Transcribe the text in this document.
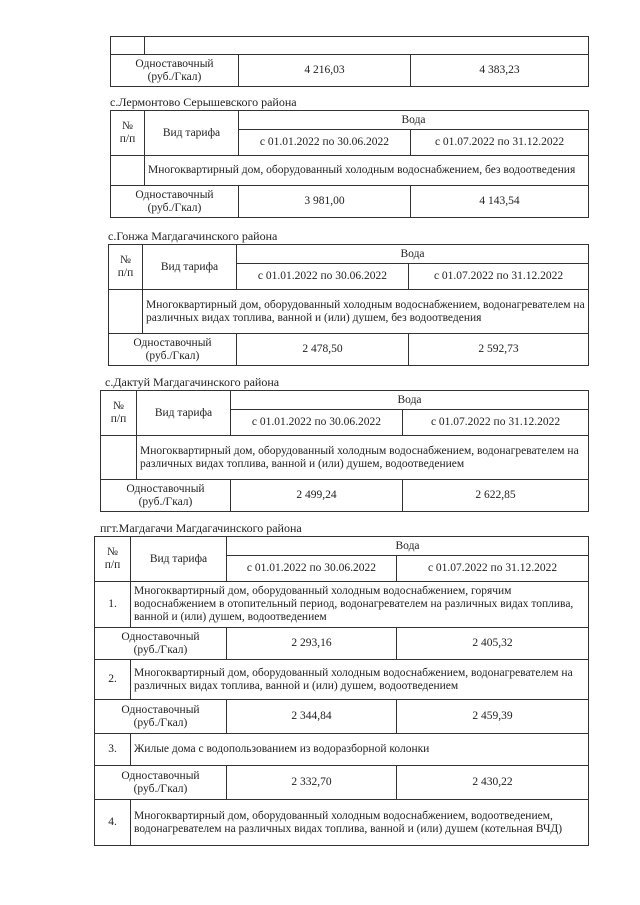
Одноставочный
(руб./Гкал)		4 216,03	4 383,23
с.Лермонтово Серышевского района
№
п/п	Вид тарифа	Вода	
		с 01.01.2022 по 30.06.2022	с 01.07.2022 по 31.12.2022
	Многоквартирный дом, оборудованный холодным водоснабжением, без водоотведения		
Одноставочный
(руб./Гкал)		3 981,00	4 143,54
с.Гонжа Магдагачинского района
№
п/п	Вид тарифа	Вода	
		с 01.01.2022 по 30.06.2022	с 01.07.2022 по 31.12.2022
	Многоквартирный дом, оборудованный холодным водоснабжением, водонагревателем на различных видах топлива, ванной и (или) душем, без водоотведения		
Одноставочный
(руб./Гкал)		2 478,50	2 592,73
с.Дактуй Магдагачинского района
№
п/п	Вид тарифа	Вода	
		с 01.01.2022 по 30.06.2022	с 01.07.2022 по 31.12.2022
	Многоквартирный дом, оборудованный холодным водоснабжением, водонагревателем на различных видах топлива, ванной и (или) душем, водоотведением		
Одноставочный
(руб./Гкал)		2 499,24	2 622,85
пгт.Магдагачи Магдагачинского района
№
п/п	Вид тарифа	Вода	
		с 01.01.2022 по 30.06.2022	с 01.07.2022 по 31.12.2022
1.	Многоквартирный дом, оборудованный холодным водоснабжением, горячим водоснабжением в отопительный период, водонагревателем на различных видах топлива, ванной и (или) душем, водоотведением		
Одноставочный
(руб./Гкал)		2 293,16	2 405,32
2.	Многоквартирный дом, оборудованный холодным водоснабжением, водонагревателем на различных видах топлива, ванной и (или) душем, водоотведением		
Одноставочный
(руб./Гкал)		2 344,84	2 459,39
3.	Жилые дома с водопользованием из водоразборной колонки		
Одноставочный
(руб./Гкал)		2 332,70	2 430,22
4.	Многоквартирный дом, оборудованный холодным водоснабжением, водоотведением, водонагревателем на различных видах топлива, ванной и (или) душем (котельная ВЧД)		
